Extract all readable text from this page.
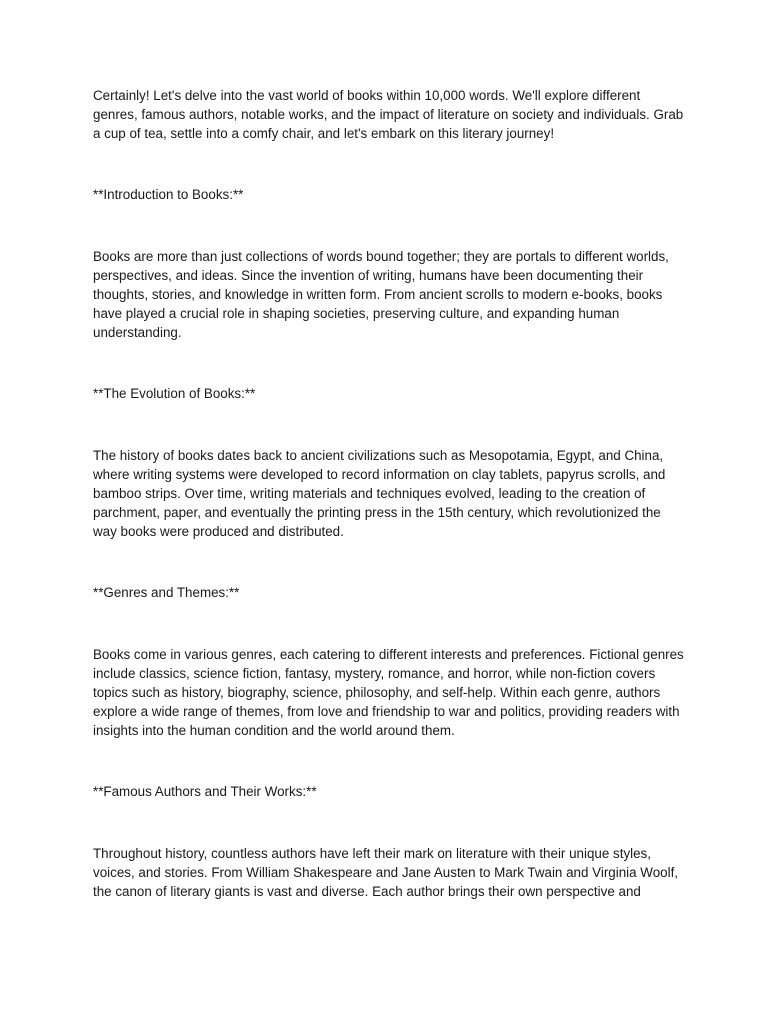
Certainly! Let's delve into the vast world of books within 10,000 words. We'll explore different
genres, famous authors, notable works, and the impact of literature on society and individuals. Grab
a cup of tea, settle into a comfy chair, and let's embark on this literary journey!
**Introduction to Books:**
Books are more than just collections of words bound together; they are portals to different worlds,
perspectives, and ideas. Since the invention of writing, humans have been documenting their
thoughts, stories, and knowledge in written form. From ancient scrolls to modern e-books, books
have played a crucial role in shaping societies, preserving culture, and expanding human
understanding.
**The Evolution of Books:**
The history of books dates back to ancient civilizations such as Mesopotamia, Egypt, and China,
where writing systems were developed to record information on clay tablets, papyrus scrolls, and
bamboo strips. Over time, writing materials and techniques evolved, leading to the creation of
parchment, paper, and eventually the printing press in the 15th century, which revolutionized the
way books were produced and distributed.
**Genres and Themes:**
Books come in various genres, each catering to different interests and preferences. Fictional genres
include classics, science fiction, fantasy, mystery, romance, and horror, while non-fiction covers
topics such as history, biography, science, philosophy, and self-help. Within each genre, authors
explore a wide range of themes, from love and friendship to war and politics, providing readers with
insights into the human condition and the world around them.
**Famous Authors and Their Works:**
Throughout history, countless authors have left their mark on literature with their unique styles,
voices, and stories. From William Shakespeare and Jane Austen to Mark Twain and Virginia Woolf,
the canon of literary giants is vast and diverse. Each author brings their own perspective and
